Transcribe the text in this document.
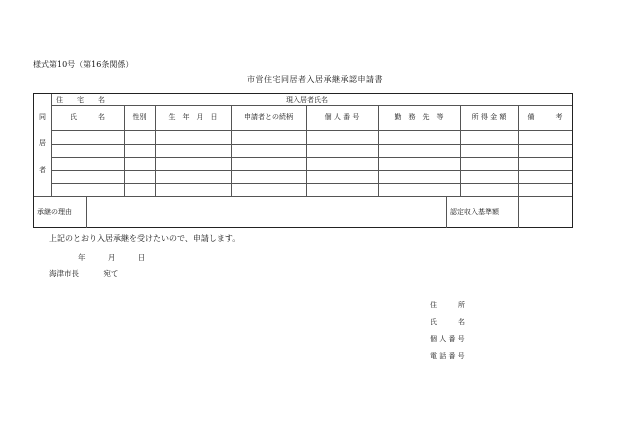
様式第10号（第16条関係）
市営住宅同居者入居承継承認申請書
住　　宅　　名	現入居者氏名
同
居
者
氏　　　名	性別	生　年　月　日	申請者との続柄	個 人 番 号	勤　務　先　等	所 得 金 額	備　　　考
承継の理由	認定収入基準額
上記のとおり入居承継を受けたいので、申請します。
年	月	日
海津市長	宛て
住　　　所
氏　　　名
個 人 番 号
電 話 番 号
